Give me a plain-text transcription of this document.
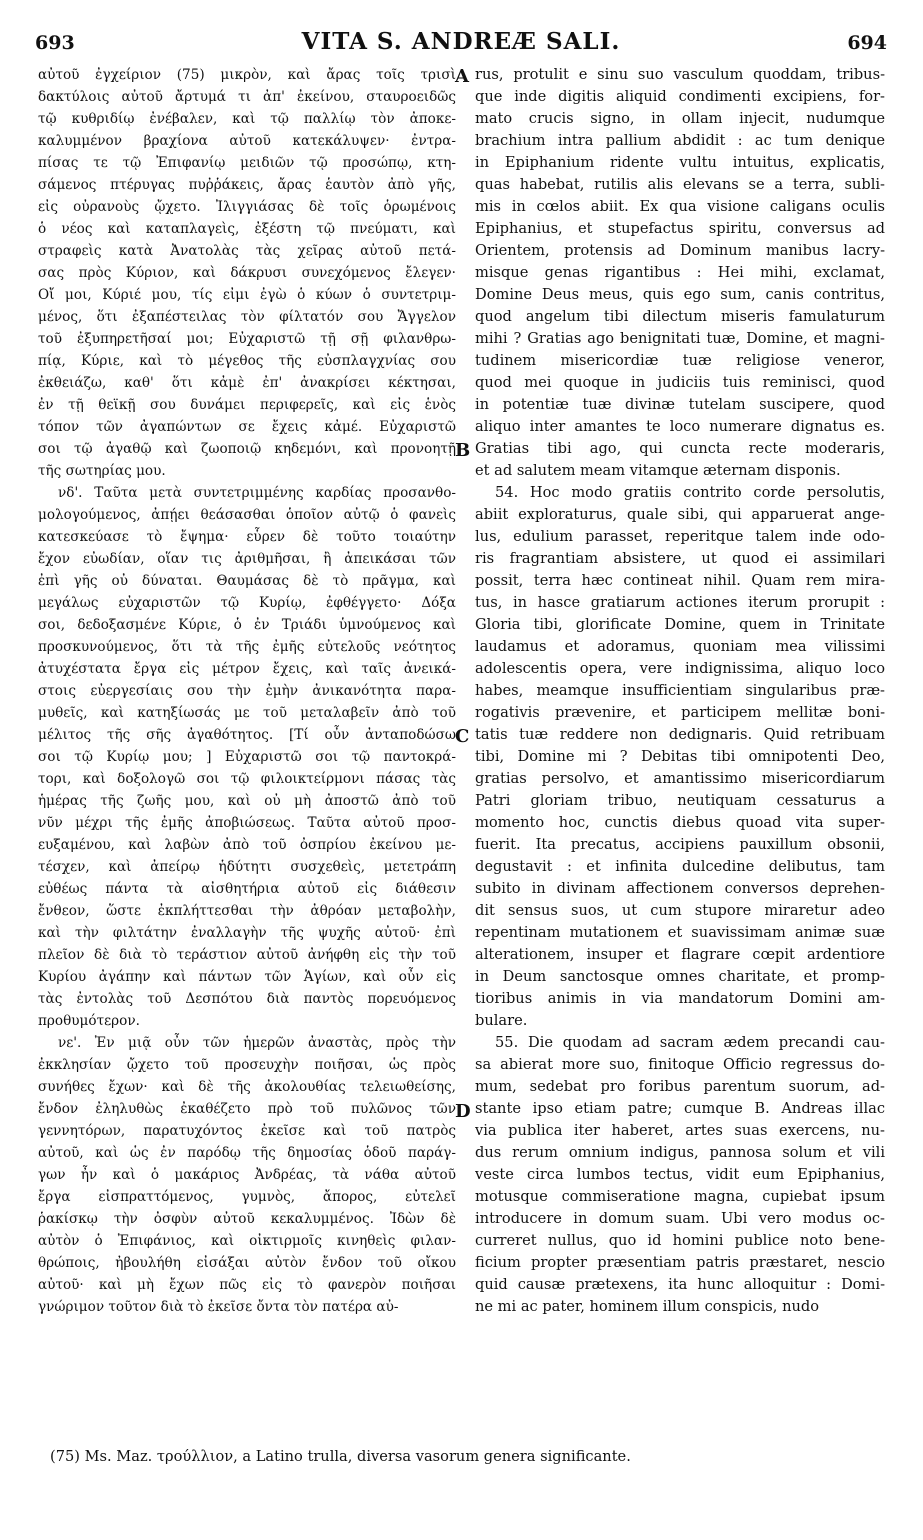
693	VITA S. ANDREÆ SALI.	694
αὐτοῦ ἐγχείριον (75) μικρὸν, καὶ ἄρας τοῖς τρισὶ
δακτύλοις αὐτοῦ ἄρτυμά τι ἀπ' ἐκείνου, σταυροειδῶς
τῷ κυθριδίῳ ἐνέβαλεν, καὶ τῷ παλλίῳ τὸν ἀποκε-
καλυμμένον βραχίονα αὐτοῦ κατεκάλυψεν· ἐντρα-
πίσας τε τῷ Ἐπιφανίῳ μειδιῶν τῷ προσώπῳ, κτη-
σάμενος πτέρυγας πυῤῥάκεις, ἄρας ἑαυτὸν ἀπὸ γῆς,
εἰς οὐρανοὺς ᾤχετο. Ἰλιγγιάσας δὲ τοῖς ὁρωμένοις
ὁ νέος καὶ καταπλαγεὶς, ἐξέστη τῷ πνεύματι, καὶ
στραφεὶς κατὰ Ἀνατολὰς τὰς χεῖρας αὐτοῦ πετά-
σας πρὸς Κύριον, καὶ δάκρυσι συνεχόμενος ἔλεγεν·
Οἴ μοι, Κύριέ μου, τίς εἰμι ἐγὼ ὁ κύων ὁ συντετριμ-
μένος, ὅτι ἐξαπέστειλας τὸν φίλτατόν σου Ἄγγελον
τοῦ ἐξυπηρετῆσαί μοι; Εὐχαριστῶ τῇ σῇ φιλανθρω-
πίᾳ, Κύριε, καὶ τὸ μέγεθος τῆς εὐσπλαγχνίας σου
ἐκθειάζω, καθ' ὅτι κἀμὲ ἐπ' ἀνακρίσει κέκτησαι,
ἐν τῇ θεϊκῇ σου δυνάμει περιφερεῖς, καὶ εἰς ἑνὸς
τόπον τῶν ἀγαπώντων σε ἔχεις κἀμέ. Εὐχαριστῶ
σοι τῷ ἀγαθῷ καὶ ζωοποιῷ κηδεμόνι, καὶ προνοητῇ
τῆς σωτηρίας μου.
νδ'. Ταῦτα μετὰ συντετριμμένης καρδίας προσανθο-
μολογούμενος, ἀπῄει θεάσασθαι ὁποῖον αὐτῷ ὁ φανεὶς
κατεσκεύασε τὸ ἔψημα· εὗρεν δὲ τοῦτο τοιαύτην
ἔχον εὐωδίαν, οἵαν τις ἀριθμῆσαι, ἢ ἀπεικάσαι τῶν
ἐπὶ γῆς οὐ δύναται. Θαυμάσας δὲ τὸ πρᾶγμα, καὶ
μεγάλως εὐχαριστῶν τῷ Κυρίῳ, ἐφθέγγετο· Δόξα
σοι, δεδοξασμένε Κύριε, ὁ ἐν Τριάδι ὑμνούμενος καὶ
προσκυνούμενος, ὅτι τὰ τῆς ἐμῆς εὐτελοῦς νεότητος
ἀτυχέστατα ἔργα εἰς μέτρον ἔχεις, καὶ ταῖς ἀνεικά-
στοις εὐεργεσίαις σου τὴν ἐμὴν ἀνικανότητα παρα-
μυθεῖς, καὶ κατηξίωσάς με τοῦ μεταλαβεῖν ἀπὸ τοῦ
μέλιτος τῆς σῆς ἀγαθότητος. [Τί οὖν ἀνταποδώσω
σοι τῷ Κυρίῳ μου; ] Εὐχαριστῶ σοι τῷ παντοκρά-
τορι, καὶ δοξολογῶ σοι τῷ φιλοικτείρμονι πάσας τὰς
ἡμέρας τῆς ζωῆς μου, καὶ οὐ μὴ ἀποστῶ ἀπὸ τοῦ
νῦν μέχρι τῆς ἐμῆς ἀποβιώσεως. Ταῦτα αὐτοῦ προσ-
ευξαμένου, καὶ λαβὼν ἀπὸ τοῦ ὀσπρίου ἐκείνου με-
τέσχεν, καὶ ἀπείρῳ ἡδύτητι συσχεθεὶς, μετετράπη
εὐθέως πάντα τὰ αἰσθητήρια αὐτοῦ εἰς διάθεσιν
ἔνθεον, ὥστε ἐκπλήττεσθαι τὴν ἀθρόαν μεταβολὴν,
καὶ τὴν φιλτάτην ἐναλλαγὴν τῆς ψυχῆς αὐτοῦ· ἐπὶ
πλεῖον δὲ διὰ τὸ τεράστιον αὐτοῦ ἀνήφθη εἰς τὴν τοῦ
Κυρίου ἀγάπην καὶ πάντων τῶν Ἁγίων, καὶ οὖν εἰς
τὰς ἐντολὰς τοῦ Δεσπότου διὰ παντὸς πορευόμενος
προθυμότερον.
νε'. Ἐν μιᾷ οὖν τῶν ἡμερῶν ἀναστὰς, πρὸς τὴν
ἐκκλησίαν ᾤχετο τοῦ προσευχὴν ποιῆσαι, ὡς πρὸς
συνήθες ἔχων· καὶ δὲ τῆς ἀκολουθίας τελειωθείσης,
ἔνδον ἐληλυθὼς ἐκαθέζετο πρὸ τοῦ πυλῶνος τῶν
γεννητόρων, παρατυχόντος ἐκεῖσε καὶ τοῦ πατρὸς
αὐτοῦ, καὶ ὡς ἐν παρόδῳ τῆς δημοσίας ὁδοῦ παράγ-
γων ἦν καὶ ὁ μακάριος Ἀνδρέας, τὰ νάθα αὐτοῦ
ἔργα εἰσπραττόμενος, γυμνὸς, ἄπορος, εὐτελεῖ
ῥακίσκῳ τὴν ὀσφὺν αὐτοῦ κεκαλυμμένος. Ἰδὼν δὲ
αὐτὸν ὁ Ἐπιφάνιος, καὶ οἰκτιρμοῖς κινηθεὶς φιλαν-
θρώποις, ἠβουλήθη εἰσάξαι αὐτὸν ἔνδον τοῦ οἴκου
αὐτοῦ· καὶ μὴ ἔχων πῶς εἰς τὸ φανερὸν ποιῆσαι
γνώριμον τοῦτον διὰ τὸ ἐκεῖσε ὄντα τὸν πατέρα αὐ-
rus, protulit e sinu suo vasculum quoddam, tribus-
que inde digitis aliquid condimenti excipiens, for-
mato crucis signo, in ollam injecit, nudumque
brachium intra pallium abdidit : ac tum denique
in Epiphanium ridente vultu intuitus, explicatis,
quas habebat, rutilis alis elevans se a terra, subli-
mis in cœlos abiit. Ex qua visione caligans oculis
Epiphanius, et stupefactus spiritu, conversus ad
Orientem, protensis ad Dominum manibus lacry-
misque genas rigantibus : Hei mihi, exclamat,
Domine Deus meus, quis ego sum, canis contritus,
quod angelum tibi dilectum miseris famulaturum
mihi ? Gratias ago benignitati tuæ, Domine, et magni-
tudinem misericordiæ tuæ religiose veneror,
quod mei quoque in judiciis tuis reminisci, quod
in potentiæ tuæ divinæ tutelam suscipere, quod
aliquo inter amantes te loco numerare dignatus es.
Gratias tibi ago, qui cuncta recte moderaris,
et ad salutem meam vitamque æternam disponis.
54. Hoc modo gratiis contrito corde persolutis,
abiit exploraturus, quale sibi, qui apparuerat ange-
lus, edulium parasset, reperitque talem inde odo-
ris fragrantiam absistere, ut quod ei assimilari
possit, terra hæc contineat nihil. Quam rem mira-
tus, in hasce gratiarum actiones iterum prorupit :
Gloria tibi, glorificate Domine, quem in Trinitate
laudamus et adoramus, quoniam mea vilissimi
adolescentis opera, vere indignissima, aliquo loco
habes, meamque insufficientiam singularibus præ-
rogativis prævenire, et participem mellitæ boni-
tatis tuæ reddere non dedignaris. Quid retribuam
tibi, Domine mi ? Debitas tibi omnipotenti Deo,
gratias persolvo, et amantissimo misericordiarum
Patri gloriam tribuo, neutiquam cessaturus a
momento hoc, cunctis diebus quoad vita super-
fuerit. Ita precatus, accipiens pauxillum obsonii,
degustavit : et infinita dulcedine delibutus, tam
subito in divinam affectionem conversos deprehen-
dit sensus suos, ut cum stupore miraretur adeo
repentinam mutationem et suavissimam animæ suæ
alterationem, insuper et flagrare cœpit ardentiore
in Deum sanctosque omnes charitate, et promp-
tioribus animis in via mandatorum Domini am-
bulare.
55. Die quodam ad sacram ædem precandi cau-
sa abierat more suo, finitoque Officio regressus do-
mum, sedebat pro foribus parentum suorum, ad-
stante ipso etiam patre; cumque B. Andreas illac
via publica iter haberet, artes suas exercens, nu-
dus rerum omnium indigus, pannosa solum et vili
veste circa lumbos tectus, vidit eum Epiphanius,
motusque commiseratione magna, cupiebat ipsum
introducere in domum suam. Ubi vero modus oc-
curreret nullus, quo id homini publice noto bene-
ficium propter præsentiam patris præstaret, nescio
quid causæ prætexens, ita hunc alloquitur : Domi-
ne mi ac pater, hominem illum conspicis, nudo
A
B
C
D
(75) Ms. Maz. τρούλλιον, a Latino trulla, diversa vasorum genera significante.
